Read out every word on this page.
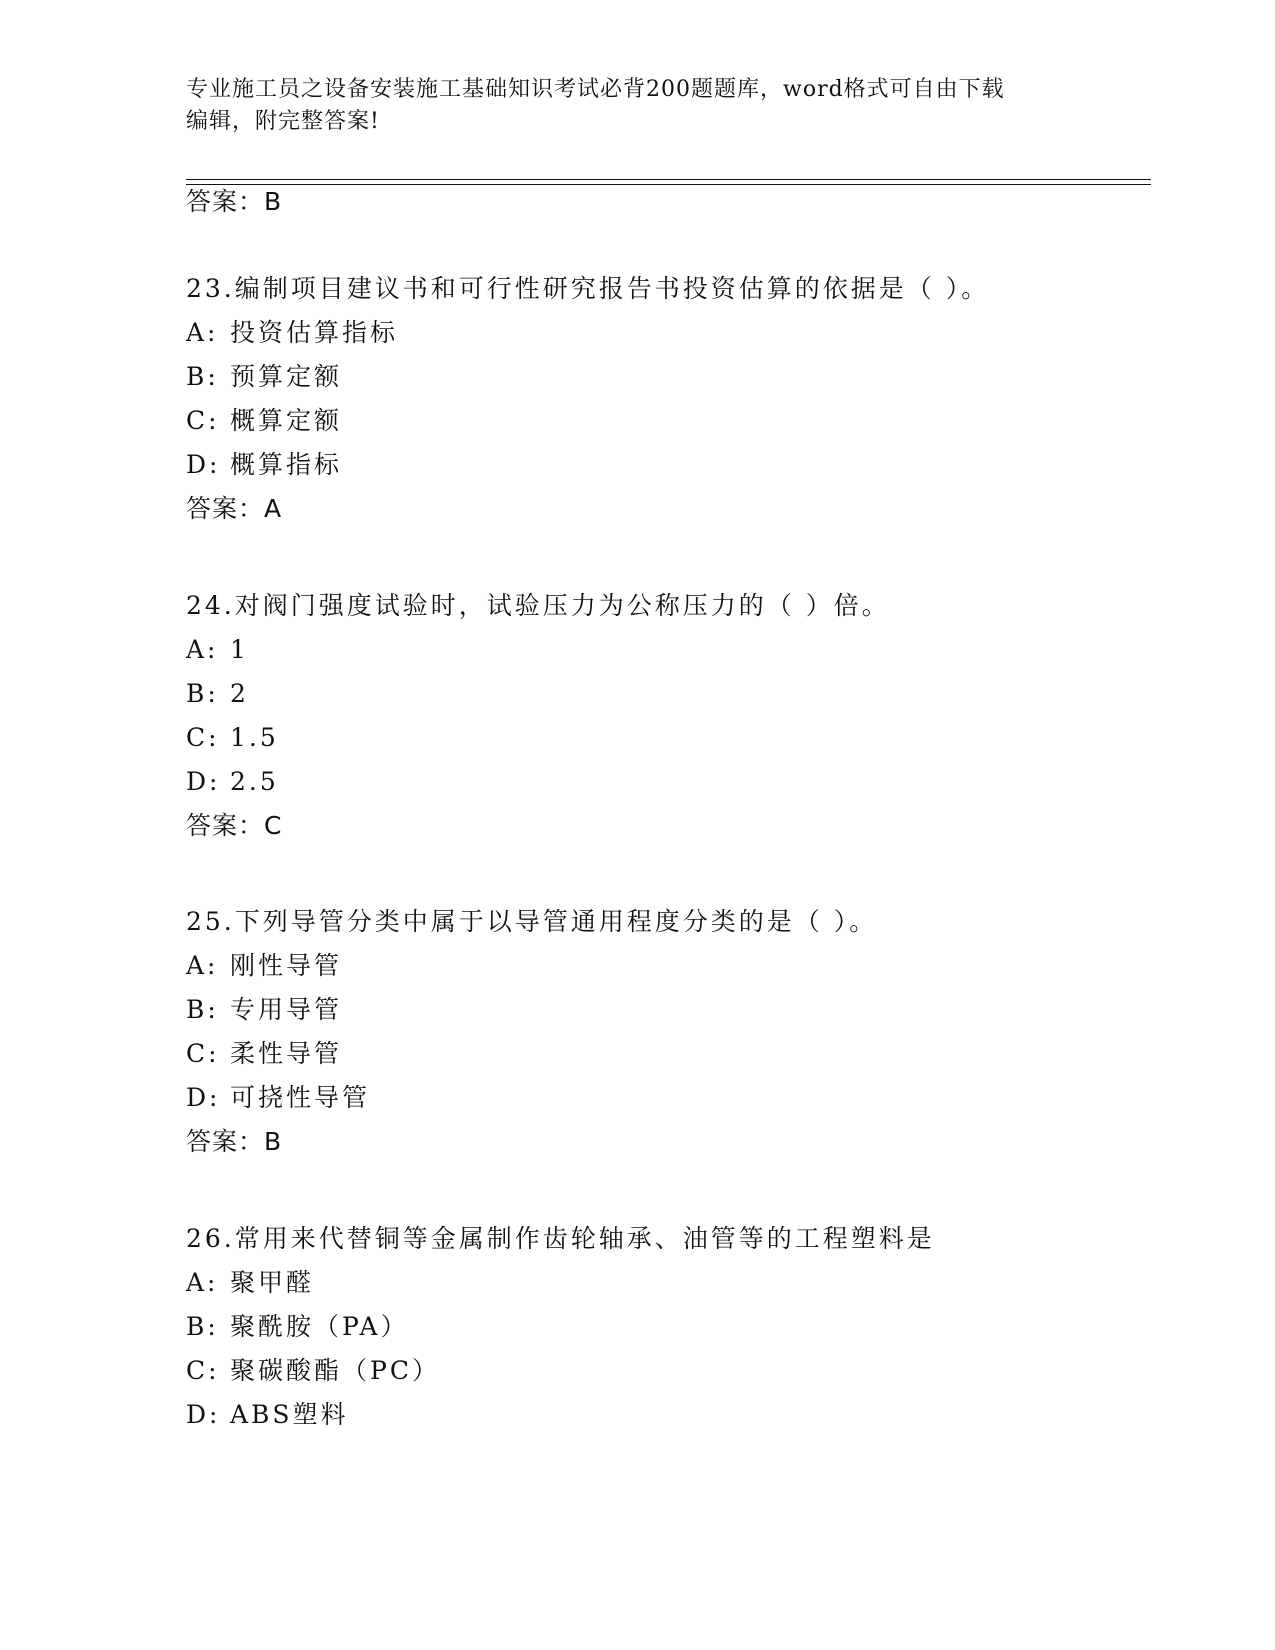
专业施工员之设备安装施工基础知识考试必背200题题库，word格式可自由下载
编辑，附完整答案!
答案：B
23.编制项目建议书和可行性研究报告书投资估算的依据是（ ）。
A: 投资估算指标
B: 预算定额
C: 概算定额
D: 概算指标
答案：A
24.对阀门强度试验时，试验压力为公称压力的（ ）倍。
A: 1
B: 2
C: 1.5
D: 2.5
答案：C
25.下列导管分类中属于以导管通用程度分类的是（ ）。
A: 刚性导管
B: 专用导管
C: 柔性导管
D: 可挠性导管
答案：B
26.常用来代替铜等金属制作齿轮轴承、油管等的工程塑料是
A: 聚甲醛
B: 聚酰胺（PA）
C: 聚碳酸酯（PC）
D: ABS塑料
